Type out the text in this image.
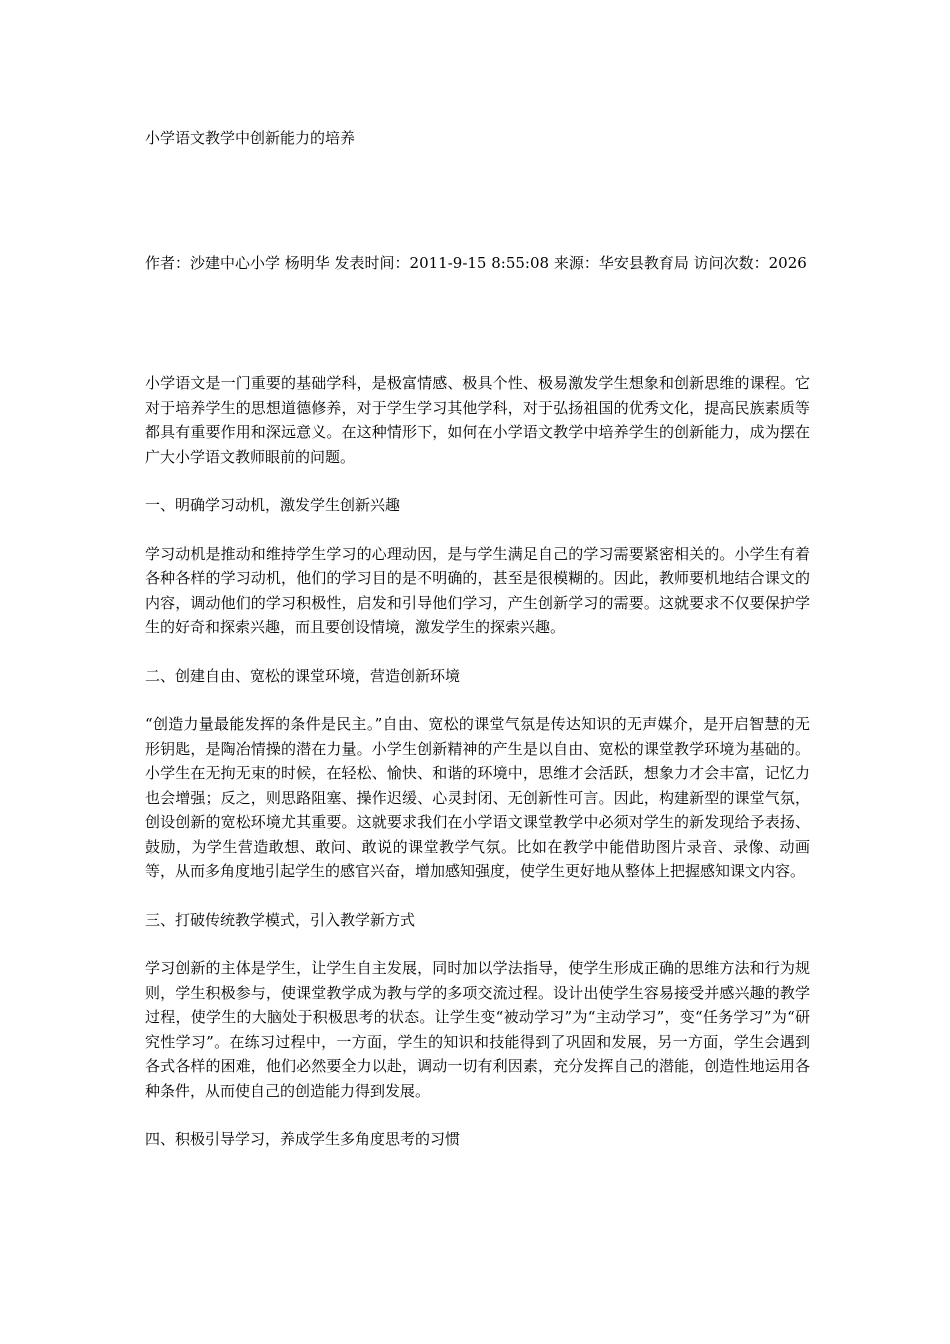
小学语文教学中创新能力的培养
作者：沙建中心小学 杨明华 发表时间：2011-9-15 8:55:08 来源：华安县教育局 访问次数：2026

小学语文是一门重要的基础学科，是极富情感、极具个性、极易激发学生想象和创新思维的课程。它对于培养学生的思想道德修养，对于学生学习其他学科，对于弘扬祖国的优秀文化，提高民族素质等都具有重要作用和深远意义。在这种情形下，如何在小学语文教学中培养学生的创新能力，成为摆在广大小学语文教师眼前的问题。

一、明确学习动机，激发学生创新兴趣

学习动机是推动和维持学生学习的心理动因，是与学生满足自己的学习需要紧密相关的。小学生有着各种各样的学习动机，他们的学习目的是不明确的，甚至是很模糊的。因此，教师要机地结合课文的内容，调动他们的学习积极性，启发和引导他们学习，产生创新学习的需要。这就要求不仅要保护学生的好奇和探索兴趣，而且要创设情境，激发学生的探索兴趣。

二、创建自由、宽松的课堂环境，营造创新环境

“创造力量最能发挥的条件是民主。”自由、宽松的课堂气氛是传达知识的无声媒介，是开启智慧的无形钥匙，是陶冶情操的潜在力量。小学生创新精神的产生是以自由、宽松的课堂教学环境为基础的。小学生在无拘无束的时候，在轻松、愉快、和谐的环境中，思维才会活跃，想象力才会丰富，记忆力也会增强；反之，则思路阻塞、操作迟缓、心灵封闭、无创新性可言。因此，构建新型的课堂气氛，创设创新的宽松环境尤其重要。这就要求我们在小学语文课堂教学中必须对学生的新发现给予表扬、鼓励，为学生营造敢想、敢问、敢说的课堂教学气氛。比如在教学中能借助图片录音、录像、动画等，从而多角度地引起学生的感官兴奋，增加感知强度，使学生更好地从整体上把握感知课文内容。

三、打破传统教学模式，引入教学新方式

学习创新的主体是学生，让学生自主发展，同时加以学法指导，使学生形成正确的思维方法和行为规则，学生积极参与，使课堂教学成为教与学的多项交流过程。设计出使学生容易接受并感兴趣的教学过程，使学生的大脑处于积极思考的状态。让学生变“被动学习”为“主动学习”，变“任务学习”为“研究性学习”。在练习过程中，一方面，学生的知识和技能得到了巩固和发展，另一方面，学生会遇到各式各样的困难，他们必然要全力以赴，调动一切有利因素，充分发挥自己的潜能，创造性地运用各种条件，从而使自己的创造能力得到发展。

四、积极引导学习，养成学生多角度思考的习惯
